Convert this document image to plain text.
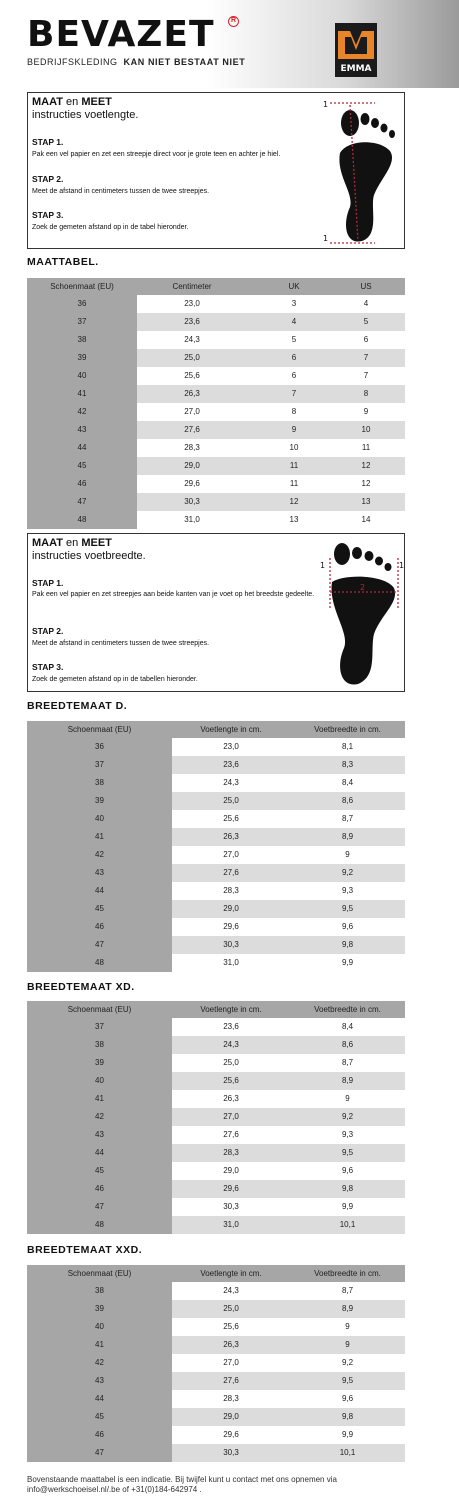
BEVAZET	R
BEDRIJFSKLEDING KAN NIET BESTAAT NIET
EMMA
MAAT en MEET
instructies voetlengte.
STAP 1.
Pak een vel papier en zet een streepje direct voor je grote teen en achter je hiel.
STAP 2.
Meet de afstand in centimeters tussen de twee streepjes.
STAP 3.
Zoek de gemeten afstand op in de tabel hieronder.
1
2
1
MAATTABEL.
Schoenmaat (EU)	Centimeter	UK	US
36	23,0	3	4
37	23,6	4	5
38	24,3	5	6
39	25,0	6	7
40	25,6	6	7
41	26,3	7	8
42	27,0	8	9
43	27,6	9	10
44	28,3	10	11
45	29,0	11	12
46	29,6	11	12
47	30,3	12	13
48	31,0	13	14
MAAT en MEET
instructies voetbreedte.
STAP 1.
Pak een vel papier en zet streepjes aan beide kanten van je voet op het breedste gedeelte.
STAP 2.
Meet de afstand in centimeters tussen de twee streepjes.
STAP 3.
Zoek de gemeten afstand op in de tabellen hieronder.
1	1
2
BREEDTEMAAT D.
Schoenmaat (EU)	Voetlengte in cm.	Voetbreedte in cm.
36	23,0	8,1
37	23,6	8,3
38	24,3	8,4
39	25,0	8,6
40	25,6	8,7
41	26,3	8,9
42	27,0	9
43	27,6	9,2
44	28,3	9,3
45	29,0	9,5
46	29,6	9,6
47	30,3	9,8
48	31,0	9,9
BREEDTEMAAT XD.
Schoenmaat (EU)	Voetlengte in cm.	Voetbreedte in cm.
37	23,6	8,4
38	24,3	8,6
39	25,0	8,7
40	25,6	8,9
41	26,3	9
42	27,0	9,2
43	27,6	9,3
44	28,3	9,5
45	29,0	9,6
46	29,6	9,8
47	30,3	9,9
48	31,0	10,1
BREEDTEMAAT XXD.
Schoenmaat (EU)	Voetlengte in cm.	Voetbreedte in cm.
38	24,3	8,7
39	25,0	8,9
40	25,6	9
41	26,3	9
42	27,0	9,2
43	27,6	9,5
44	28,3	9,6
45	29,0	9,8
46	29,6	9,9
47	30,3	10,1
Bovenstaande maattabel is een indicatie. Bij twijfel kunt u contact met ons opnemen via info@werkschoeisel.nl/.be of +31(0)184-642974 .
